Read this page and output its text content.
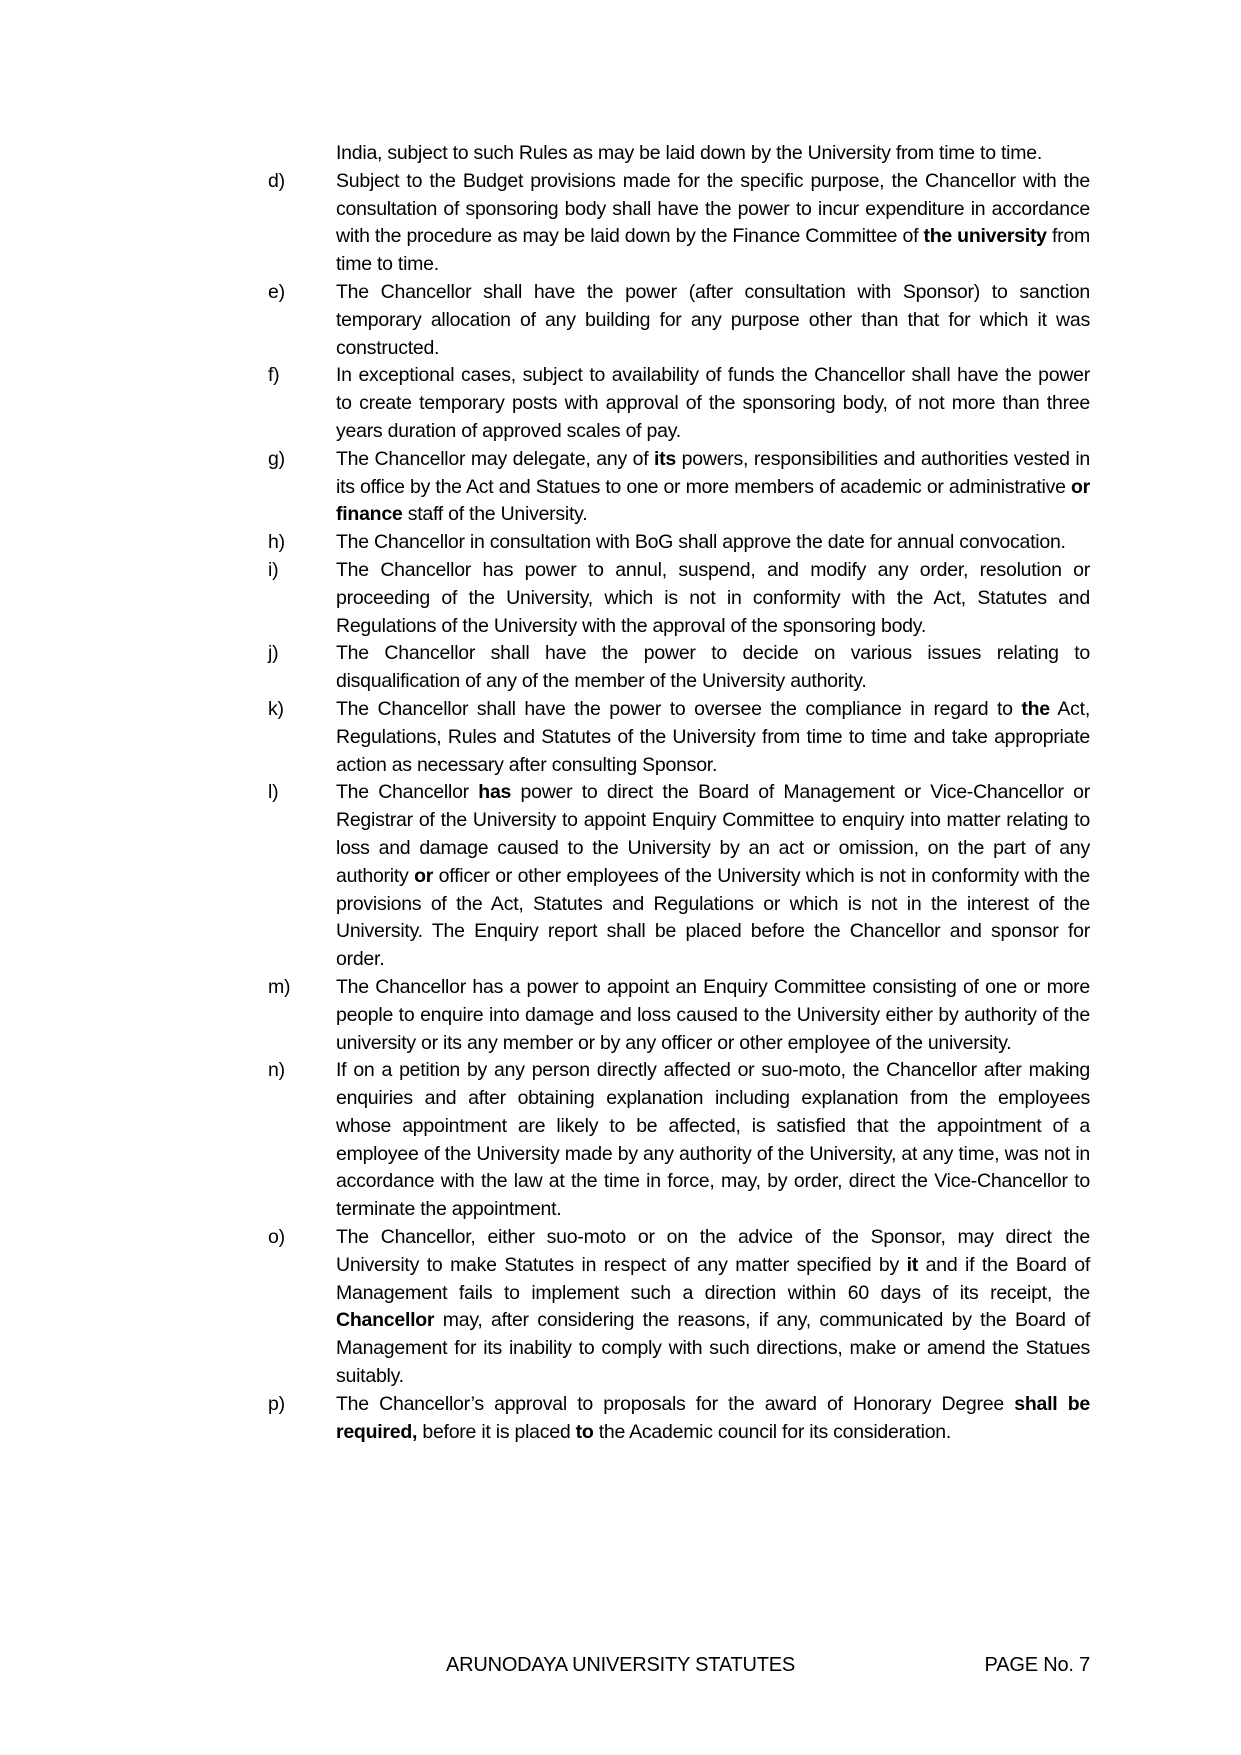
India, subject to such Rules as may be laid down by the University from time to time.
d)	Subject to the Budget provisions made for the specific purpose, the Chancellor with the consultation of sponsoring body shall have the power to incur expenditure in accordance with the procedure as may be laid down by the Finance Committee of the university from time to time.
e)	The Chancellor shall have the power (after consultation with Sponsor) to sanction temporary allocation of any building for any purpose other than that for which it was constructed.
f)	In exceptional cases, subject to availability of funds the Chancellor shall have the power to create temporary posts with approval of the sponsoring body, of not more than three years duration of approved scales of pay.
g)	The Chancellor may delegate, any of its powers, responsibilities and authorities vested in its office by the Act and Statues to one or more members of academic or administrative or finance staff of the University.
h)	The Chancellor in consultation with BoG shall approve the date for annual convocation.
i)	The Chancellor has power to annul, suspend, and modify any order, resolution or proceeding of the University, which is not in conformity with the Act, Statutes and Regulations of the University with the approval of the sponsoring body.
j)	The Chancellor shall have the power to decide on various issues relating to disqualification of any of the member of the University authority.
k)	The Chancellor shall have the power to oversee the compliance in regard to the Act, Regulations, Rules and Statutes of the University from time to time and take appropriate action as necessary after consulting Sponsor.
l)	The Chancellor has power to direct the Board of Management or Vice-Chancellor or Registrar of the University to appoint Enquiry Committee to enquiry into matter relating to loss and damage caused to the University by an act or omission, on the part of any authority or officer or other employees of the University which is not in conformity with the provisions of the Act, Statutes and Regulations or which is not in the interest of the University. The Enquiry report shall be placed before the Chancellor and sponsor for order.
m)	The Chancellor has a power to appoint an Enquiry Committee consisting of one or more people to enquire into damage and loss caused to the University either by authority of the university or its any member or by any officer or other employee of the university.
n)	If on a petition by any person directly affected or suo-moto, the Chancellor after making enquiries and after obtaining explanation including explanation from the employees whose appointment are likely to be affected, is satisfied that the appointment of a employee of the University made by any authority of the University, at any time, was not in accordance with the law at the time in force, may, by order, direct the Vice-Chancellor to terminate the appointment.
o)	The Chancellor, either suo-moto or on the advice of the Sponsor, may direct the University to make Statutes in respect of any matter specified by it and if the Board of Management fails to implement such a direction within 60 days of its receipt, the Chancellor may, after considering the reasons, if any, communicated by the Board of Management for its inability to comply with such directions, make or amend the Statues suitably.
p)	The Chancellor’s approval to proposals for the award of Honorary Degree shall be required, before it is placed to the Academic council for its consideration.
ARUNODAYA UNIVERSITY STATUTES	PAGE No. 7
